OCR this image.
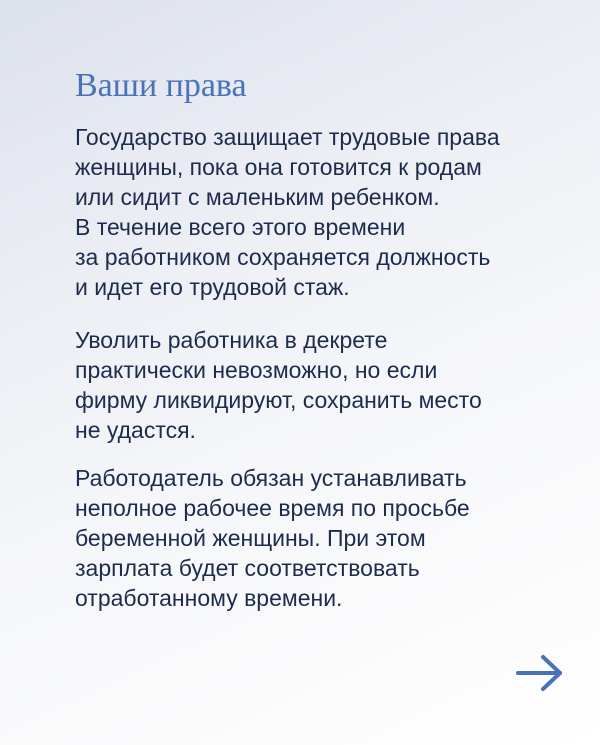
Ваши права

Государство защищает трудовые права
женщины, пока она готовится к родам
или сидит с маленьким ребенком.
В течение всего этого времени
за работником сохраняется должность
и идет его трудовой стаж.

Уволить работника в декрете
практически невозможно, но если
фирму ликвидируют, сохранить место
не удастся.

Работодатель обязан устанавливать
неполное рабочее время по просьбе
беременной женщины. При этом
зарплата будет соответствовать
отработанному времени.
